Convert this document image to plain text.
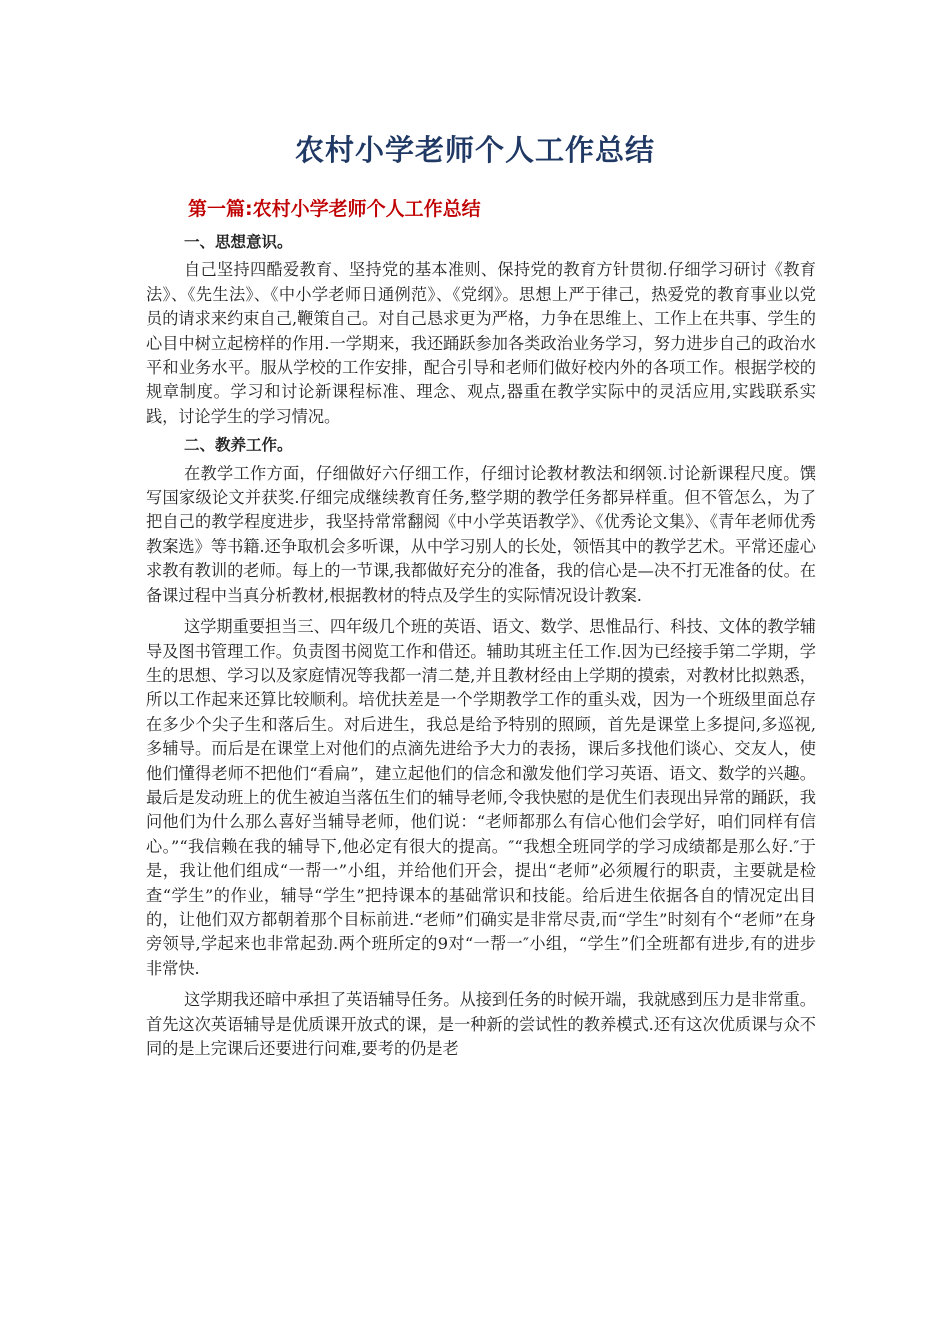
农村小学老师个人工作总结
第一篇:农村小学老师个人工作总结
一、思想意识。

自己坚持四酷爱教育、坚持党的基本准则、保持党的教育方针贯彻.仔细学习研讨《教育法》、《先生法》、《中小学老师日通例范》、《党纲》。思想上严于律己，热爱党的教育事业以党员的请求来约束自己,鞭策自己。对自己恳求更为严格，力争在思维上、工作上在共事、学生的心目中树立起榜样的作用.一学期来，我还踊跃参加各类政治业务学习，努力进步自己的政治水平和业务水平。服从学校的工作安排，配合引导和老师们做好校内外的各项工作。根据学校的规章制度。学习和讨论新课程标准、理念、观点,器重在教学实际中的灵活应用,实践联系实践，讨论学生的学习情况。

二、教养工作。

在教学工作方面，仔细做好六仔细工作，仔细讨论教材教法和纲领.讨论新课程尺度。馔写国家级论文并获奖.仔细完成继续教育任务,整学期的教学任务都异样重。但不管怎么，为了把自己的教学程度进步，我坚持常常翻阅《中小学英语教学》、《优秀论文集》、《青年老师优秀教案选》等书籍.还争取机会多听课，从中学习别人的长处，领悟其中的教学艺术。平常还虚心求教有教训的老师。每上的一节课,我都做好充分的准备，我的信心是—决不打无准备的仗。在备课过程中当真分析教材,根据教材的特点及学生的实际情况设计教案.

这学期重要担当三、四年级几个班的英语、语文、数学、思惟品行、科技、文体的教学辅导及图书管理工作。负责图书阅览工作和借还。辅助其班主任工作.因为已经接手第二学期，学生的思想、学习以及家庭情况等我都一清二楚,并且教材经由上学期的摸索，对教材比拟熟悉，所以工作起来还算比较顺利。培优扶差是一个学期教学工作的重头戏，因为一个班级里面总存在多少个尖子生和落后生。对后进生，我总是给予特别的照顾，首先是课堂上多提问,多巡视,多辅导。而后是在课堂上对他们的点滴先进给予大力的表扬，课后多找他们谈心、交友人，使他们懂得老师不把他们“看扁”，建立起他们的信念和激发他们学习英语、语文、数学的兴趣。最后是发动班上的优生被迫当落伍生们的辅导老师,令我快慰的是优生们表现出异常的踊跃，我问他们为什么那么喜好当辅导老师，他们说：“老师都那么有信心他们会学好，咱们同样有信心。”“我信赖在我的辅导下,他必定有很大的提高。″“我想全班同学的学习成绩都是那么好.″于是，我让他们组成“一帮一”小组，并给他们开会，提出“老师”必须履行的职责，主要就是检查“学生”的作业，辅导“学生”把持课本的基础常识和技能。给后进生依据各自的情况定出目的，让他们双方都朝着那个目标前进.“老师”们确实是非常尽责,而“学生”时刻有个“老师”在身旁领导,学起来也非常起劲.两个班所定的9对“一帮一″小组，“学生”们全班都有进步,有的进步非常快.

这学期我还暗中承担了英语辅导任务。从接到任务的时候开端，我就感到压力是非常重。首先这次英语辅导是优质课开放式的课，是一种新的尝试性的教养模式.还有这次优质课与众不同的是上完课后还要进行问难,要考的仍是老
